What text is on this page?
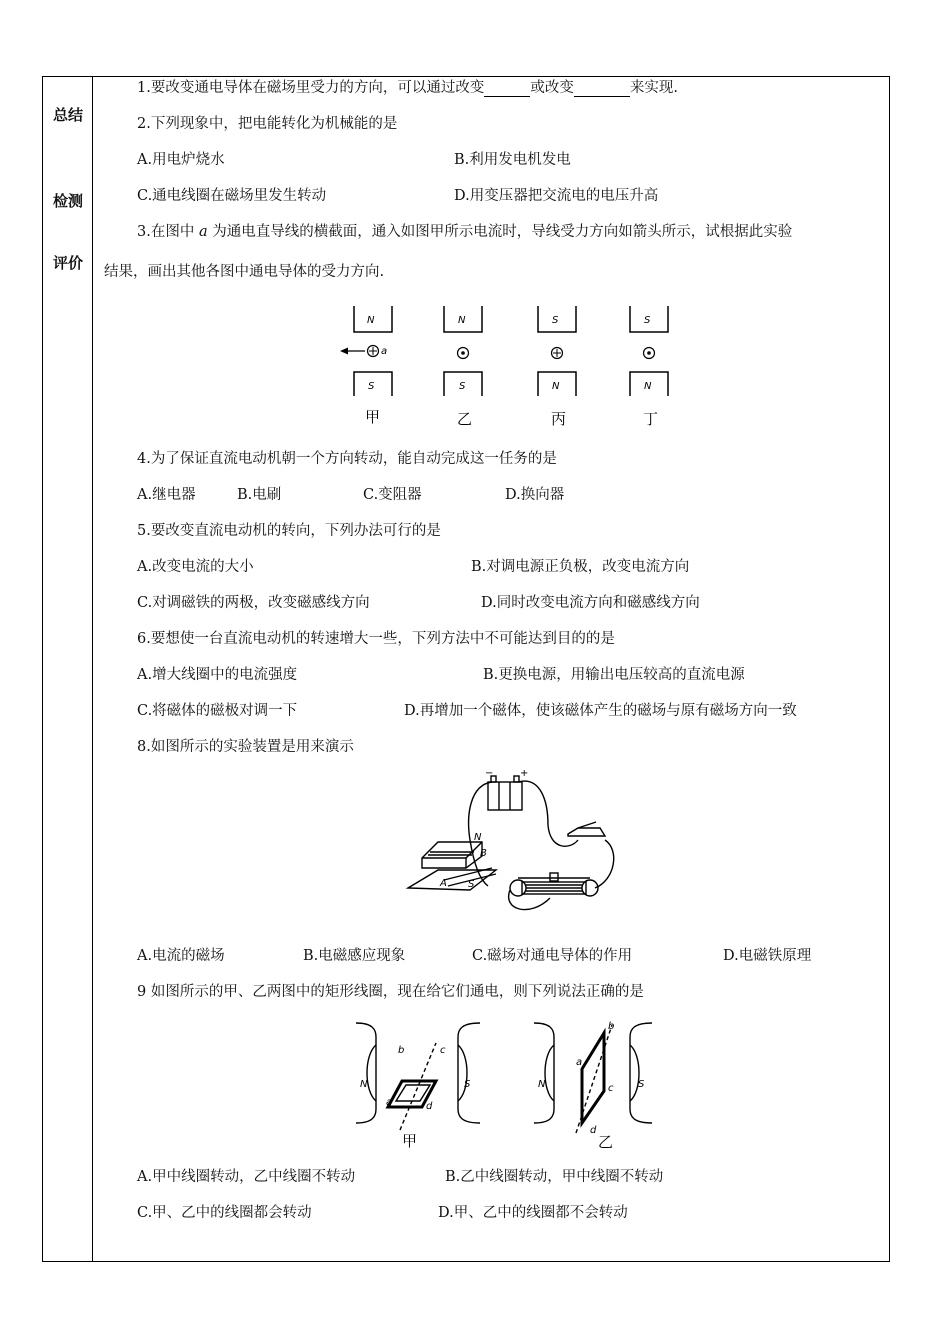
总结
检测
评价
1.要改变通电导体在磁场里受力的方向，可以通过改变	或改变	来实现.
2.下列现象中，把电能转化为机械能的是
A.用电炉烧水	B.利用发电机发电
C.通电线圈在磁场里发生转动	D.用变压器把交流电的电压升高
3.在图中 a 为通电直导线的横截面，通入如图甲所示电流时，导线受力方向如箭头所示，试根据此实验
结果，画出其他各图中通电导体的受力方向.
N
S
a
N
S
S
N
S
N
甲	乙	丙	丁
4.为了保证直流电动机朝一个方向转动，能自动完成这一任务的是
A.继电器	B.电刷	C.变阻器	D.换向器
5.要改变直流电动机的转向，下列办法可行的是
A.改变电流的大小	B.对调电源正负极，改变电流方向
C.对调磁铁的两极，改变磁感线方向	D.同时改变电流方向和磁感线方向
6.要想使一台直流电动机的转速增大一些，下列方法中不可能达到目的的是
A.增大线圈中的电流强度	B.更换电源，用输出电压较高的直流电源
C.将磁体的磁极对调一下	D.再增加一个磁体，使该磁体产生的磁场与原有磁场方向一致
8.如图所示的实验装置是用来演示
−	+
N
B
A S
A.电流的磁场	B.电磁感应现象	C.磁场对通电导体的作用	D.电磁铁原理
9 如图所示的甲、乙两图中的矩形线圈，现在给它们通电，则下列说法正确的是
N	S
b	c
a	d
N	S
b
a
c
d
甲	乙
A.甲中线圈转动，乙中线圈不转动	B.乙中线圈转动，甲中线圈不转动
C.甲、乙中的线圈都会转动	D.甲、乙中的线圈都不会转动
